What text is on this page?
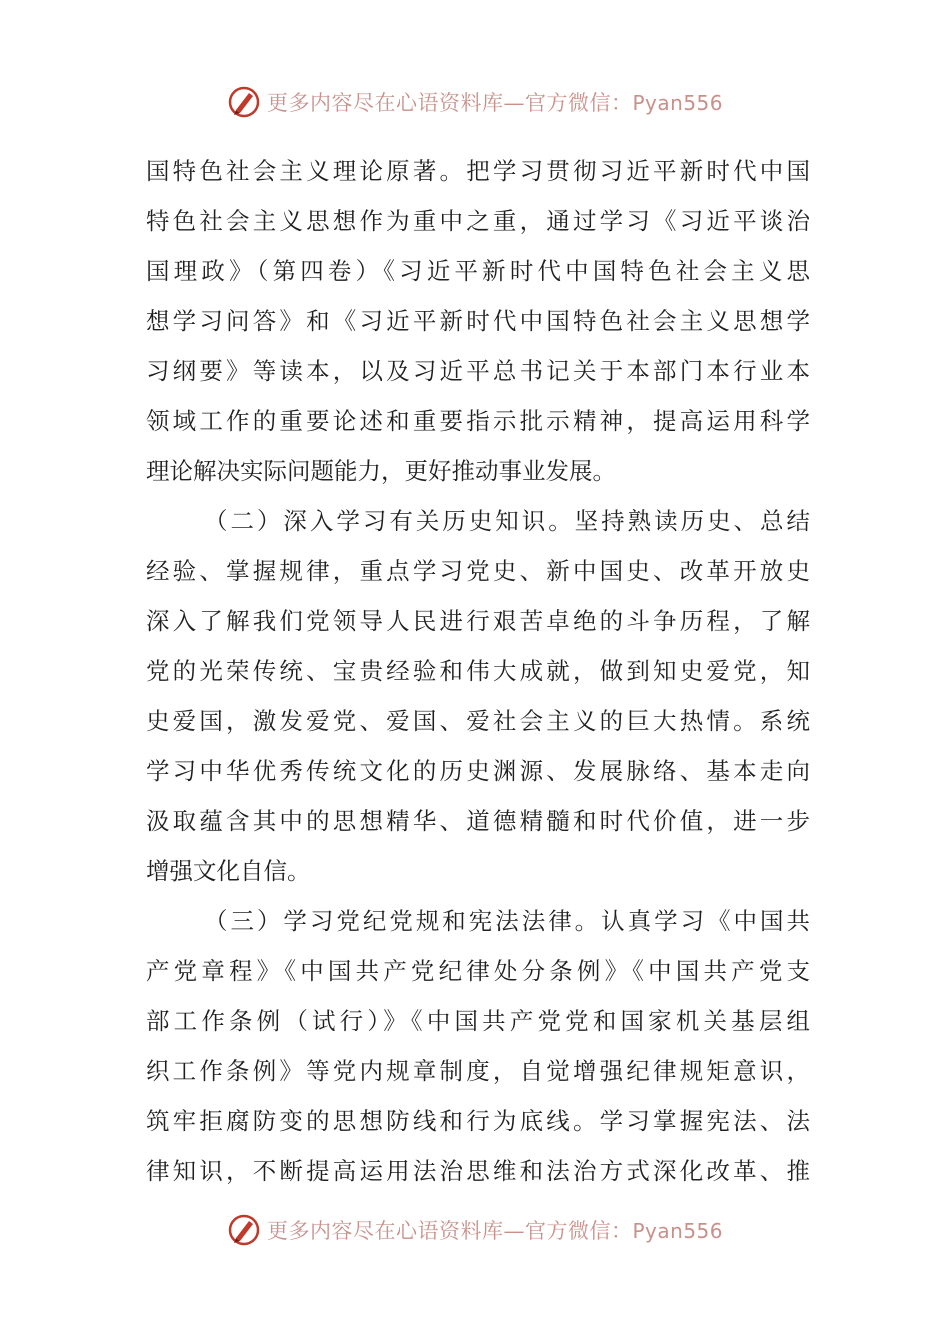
更多内容尽在心语资料库—官方微信：Pyan556
国特色社会主义理论原著。把学习贯彻习近平新时代中国
特色社会主义思想作为重中之重，通过学习《习近平谈治
国理政》（第四卷）《习近平新时代中国特色社会主义思
想学习问答》和《习近平新时代中国特色社会主义思想学
习纲要》等读本，以及习近平总书记关于本部门本行业本
领域工作的重要论述和重要指示批示精神，提高运用科学
理论解决实际问题能力，更好推动事业发展。
（二）深入学习有关历史知识。坚持熟读历史、总结
经验、掌握规律，重点学习党史、新中国史、改革开放史
深入了解我们党领导人民进行艰苦卓绝的斗争历程，了解
党的光荣传统、宝贵经验和伟大成就，做到知史爱党，知
史爱国，激发爱党、爱国、爱社会主义的巨大热情。系统
学习中华优秀传统文化的历史渊源、发展脉络、基本走向
汲取蕴含其中的思想精华、道德精髓和时代价值，进一步
增强文化自信。
（三）学习党纪党规和宪法法律。认真学习《中国共
产党章程》《中国共产党纪律处分条例》《中国共产党支
部工作条例（试行）》《中国共产党党和国家机关基层组
织工作条例》等党内规章制度，自觉增强纪律规矩意识，
筑牢拒腐防变的思想防线和行为底线。学习掌握宪法、法
律知识，不断提高运用法治思维和法治方式深化改革、推
更多内容尽在心语资料库—官方微信：Pyan556
